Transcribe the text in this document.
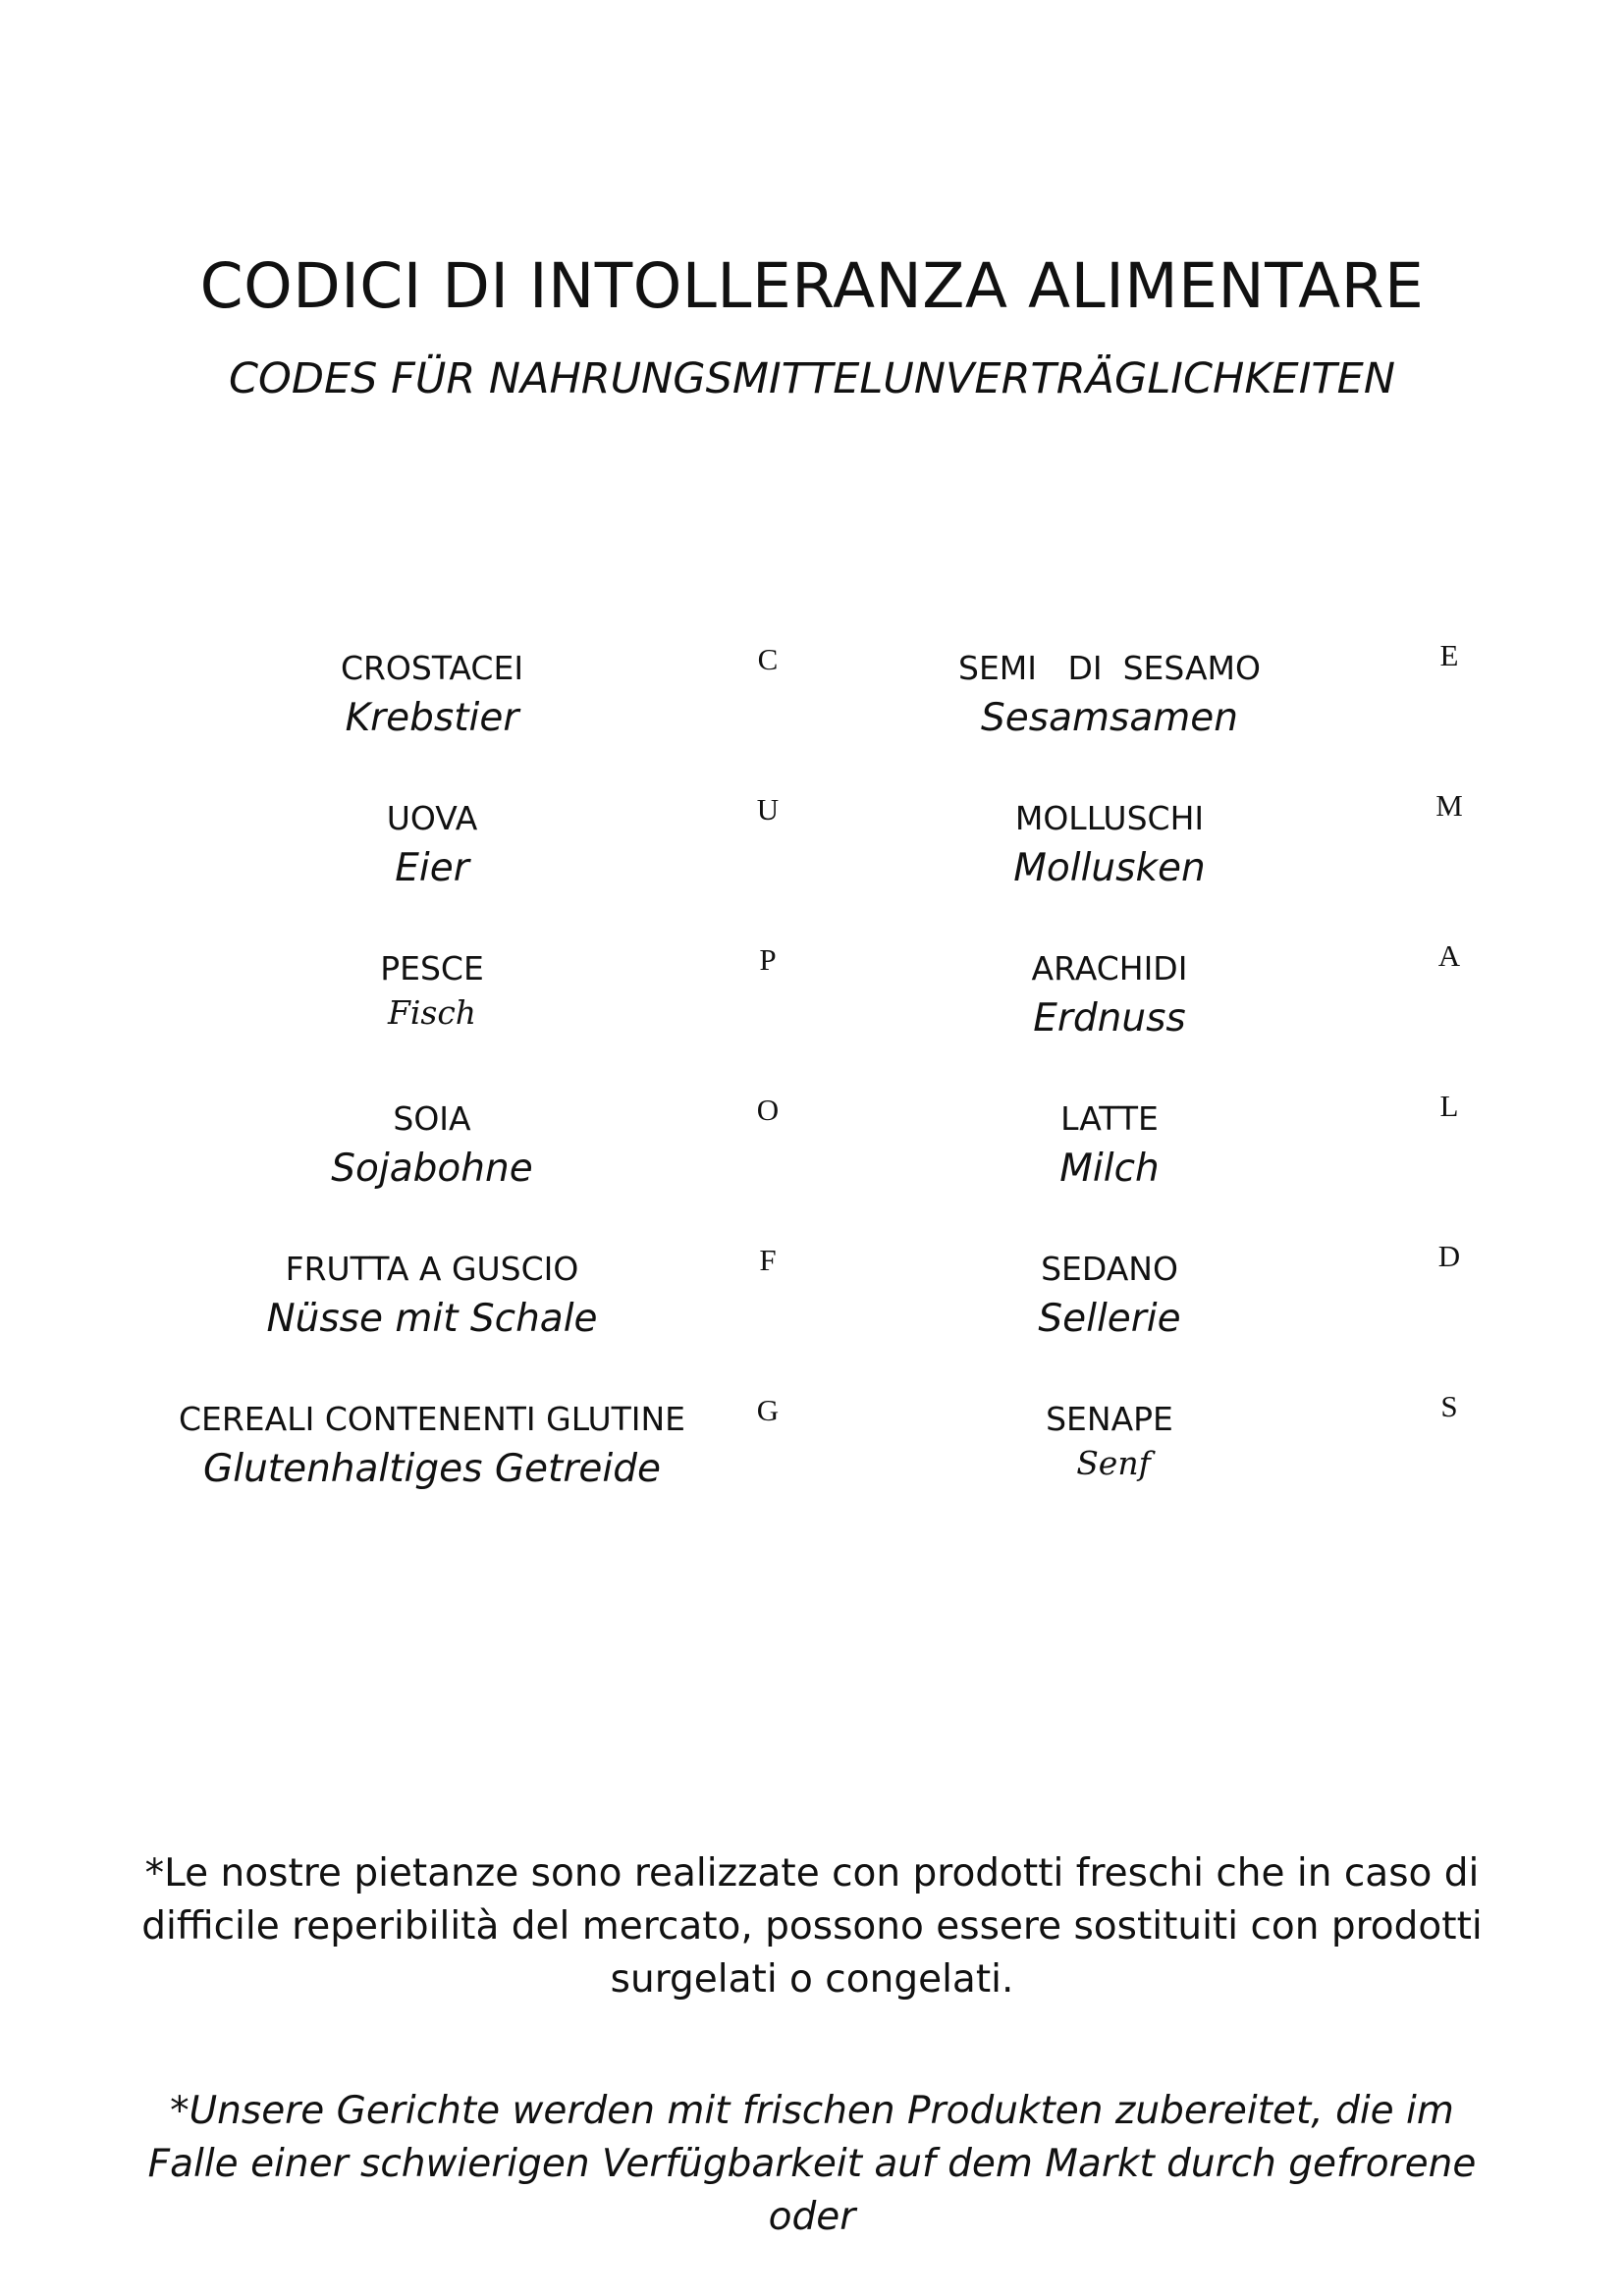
CODICI DI INTOLLERANZA ALIMENTARE
CODES FÜR NAHRUNGSMITTELUNVERTRÄGLICHKEITEN
CROSTACEI
Krebstier
C
UOVA
Eier
U
PESCE
Fisch
P
SOIA
Sojabohne
O
FRUTTA A GUSCIO
Nüsse mit Schale
F
CEREALI CONTENENTI GLUTINE
Glutenhaltiges Getreide
G
SEMI   DI  SESAMO
Sesamsamen
E
MOLLUSCHI
Mollusken
M
ARACHIDI
Erdnuss
A
LATTE
Milch
L
SEDANO
Sellerie
D
SENAPE
Senf
S

*Le nostre pietanze sono realizzate con prodotti freschi che in caso di difficile reperibilità del mercato, possono essere sostituiti con prodotti surgelati o congelati.

*Unsere Gerichte werden mit frischen Produkten zubereitet, die im Falle einer schwierigen Verfügbarkeit auf dem Markt durch gefrorene oder
